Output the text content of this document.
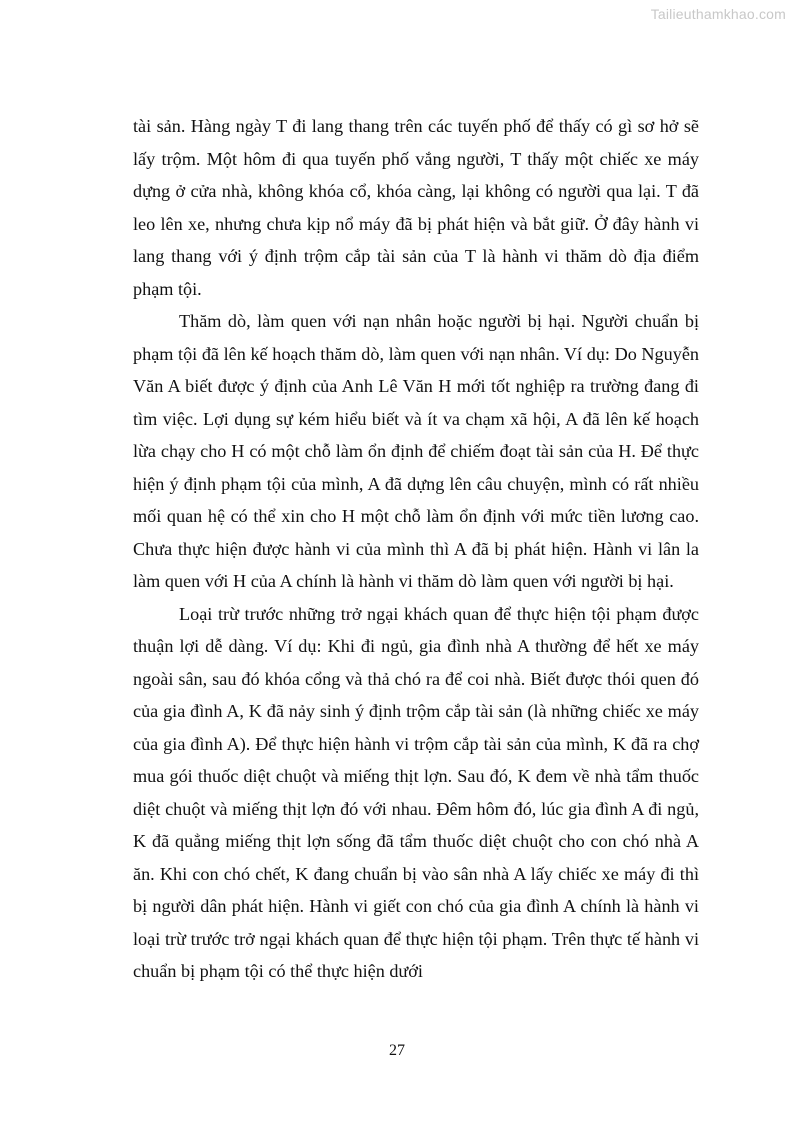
Tailieuthamkhao.com

tài sản. Hàng ngày T đi lang thang trên các tuyến phố để thấy có gì sơ hở sẽ lấy trộm. Một hôm đi qua tuyến phố vắng người, T thấy một chiếc xe máy dựng ở cửa nhà, không khóa cổ, khóa càng, lại không có người qua lại. T đã leo lên xe, nhưng chưa kịp nổ máy đã bị phát hiện và bắt giữ. Ở đây hành vi lang thang với ý định trộm cắp tài sản của T là hành vi thăm dò địa điểm phạm tội.

Thăm dò, làm quen với nạn nhân hoặc người bị hại. Người chuẩn bị phạm tội đã lên kế hoạch thăm dò, làm quen với nạn nhân. Ví dụ: Do Nguyễn Văn A biết được ý định của Anh Lê Văn H mới tốt nghiệp ra trường đang đi tìm việc. Lợi dụng sự kém hiểu biết và ít va chạm xã hội, A đã lên kế hoạch lừa chạy cho H có một chỗ làm ổn định để chiếm đoạt tài sản của H. Để thực hiện ý định phạm tội của mình, A đã dựng lên câu chuyện, mình có rất nhiều mối quan hệ có thể xin cho H một chỗ làm ổn định với mức tiền lương cao. Chưa thực hiện được hành vi của mình thì A đã bị phát hiện. Hành vi lân la làm quen với H của A chính là hành vi thăm dò làm quen với người bị hại.

Loại trừ trước những trở ngại khách quan để thực hiện tội phạm được thuận lợi dễ dàng. Ví dụ: Khi đi ngủ, gia đình nhà A thường để hết xe máy ngoài sân, sau đó khóa cổng và thả chó ra để coi nhà. Biết được thói quen đó của gia đình A, K đã nảy sinh ý định trộm cắp tài sản (là những chiếc xe máy của gia đình A). Để thực hiện hành vi trộm cắp tài sản của mình, K đã ra chợ mua gói thuốc diệt chuột và miếng thịt lợn. Sau đó, K đem về nhà tẩm thuốc diệt chuột và miếng thịt lợn đó với nhau. Đêm hôm đó, lúc gia đình A đi ngủ, K đã quẳng miếng thịt lợn sống đã tẩm thuốc diệt chuột cho con chó nhà A ăn. Khi con chó chết, K đang chuẩn bị vào sân nhà A lấy chiếc xe máy đi thì bị người dân phát hiện. Hành vi giết con chó của gia đình A chính là hành vi loại trừ trước trở ngại khách quan để thực hiện tội phạm. Trên thực tế hành vi chuẩn bị phạm tội có thể thực hiện dưới

27
